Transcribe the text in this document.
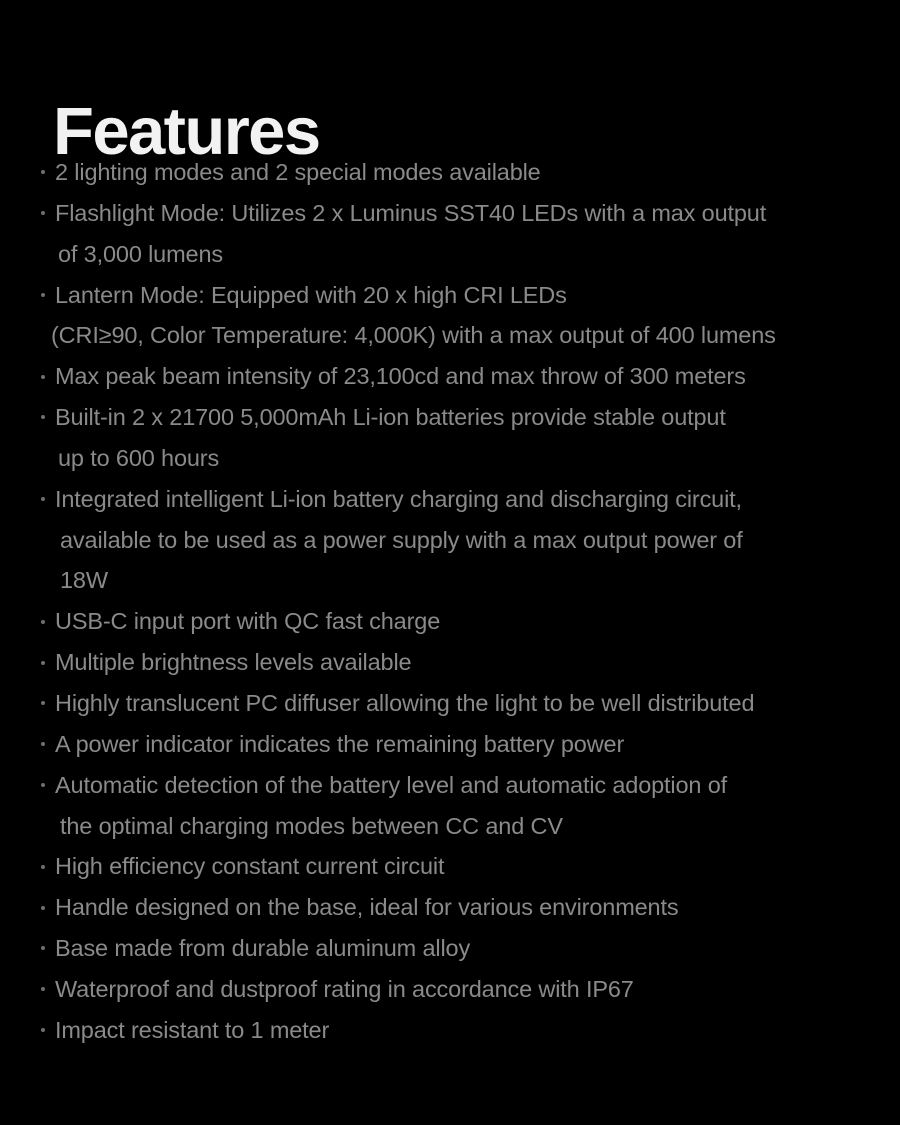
Features
2 lighting modes and 2 special modes available
Flashlight Mode: Utilizes 2 x Luminus SST40 LEDs with a max output
of 3,000 lumens
Lantern Mode: Equipped with 20 x high CRI LEDs
(CRI≥90, Color Temperature: 4,000K) with a max output of 400 lumens
Max peak beam intensity of 23,100cd and max throw of 300 meters
Built-in 2 x 21700 5,000mAh Li-ion batteries provide stable output
up to 600 hours
Integrated intelligent Li-ion battery charging and discharging circuit,
available to be used as a power supply with a max output power of
18W
USB-C input port with QC fast charge
Multiple brightness levels available
Highly translucent PC diffuser allowing the light to be well distributed
A power indicator indicates the remaining battery power
Automatic detection of the battery level and automatic adoption of
the optimal charging modes between CC and CV
High efficiency constant current circuit
Handle designed on the base, ideal for various environments
Base made from durable aluminum alloy
Waterproof and dustproof rating in accordance with IP67
Impact resistant to 1 meter
